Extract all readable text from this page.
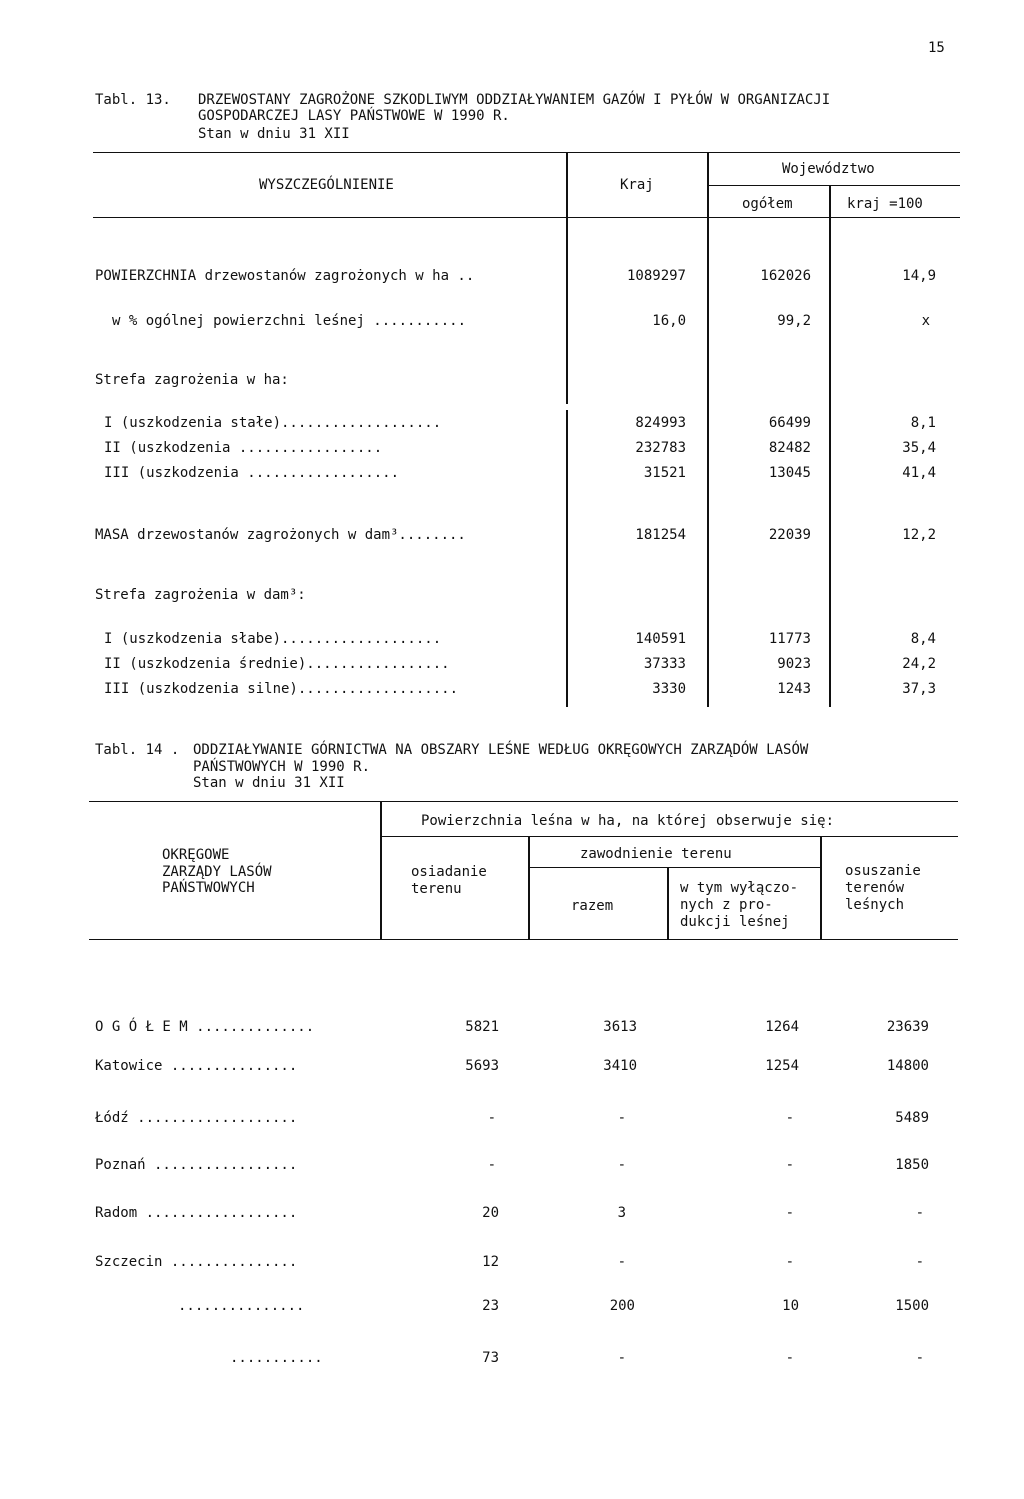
15
Tabl. 13. DRZEWOSTANY ZAGROŻONE SZKODLIWYM ODDZIAŁYWANIEM GAZÓW I PYŁÓW W ORGANIZACJI
GOSPODARCZEJ LASY PAŃSTWOWE W 1990 R.
Stan w dniu 31 XII
WYSZCZEGÓLNIENIE	Kraj
Województwo
ogółem	kraj =100
POWIERZCHNIA drzewostanów zagrożonych w ha ..	1089297	162026	14,9
w % ogólnej powierzchni leśnej ...........	16,0	99,2	x
Strefa zagrożenia w ha:
I (uszkodzenia stałe)...................	824993	66499	8,1
II (uszkodzenia .................	232783	82482	35,4
III (uszkodzenia ..................	31521	13045	41,4
MASA drzewostanów zagrożonych w dam³........	181254	22039	12,2
Strefa zagrożenia w dam³:
I (uszkodzenia słabe)...................	140591	11773	8,4
II (uszkodzenia średnie).................	37333	9023	24,2
III (uszkodzenia silne)...................	3330	1243	37,3
Tabl. 14 . ODDZIAŁYWANIE GÓRNICTWA NA OBSZARY LEŚNE WEDŁUG OKRĘGOWYCH ZARZĄDÓW LASÓW
PAŃSTWOWYCH W 1990 R.
Stan w dniu 31 XII
Powierzchnia leśna w ha, na której obserwuje się:
OKRĘGOWE
ZARZĄDY LASÓW
PAŃSTWOWYCH
osiadanie
terenu
zawodnienie terenu
razem
w tym wyłączo-
nych z pro-
dukcji leśnej
osuszanie
terenów
leśnych
O G Ó Ł E M ..............	5821	3613	1264	23639
Katowice ...............	5693	3410	1254	14800
Łódź ...................	-	-	-	5489
Poznań .................	-	-	-	1850
Radom ..................	20	3	-	-
Szczecin ...............	12	-	-	-
...............	23	200	10	1500
...........	73	-	-	-
